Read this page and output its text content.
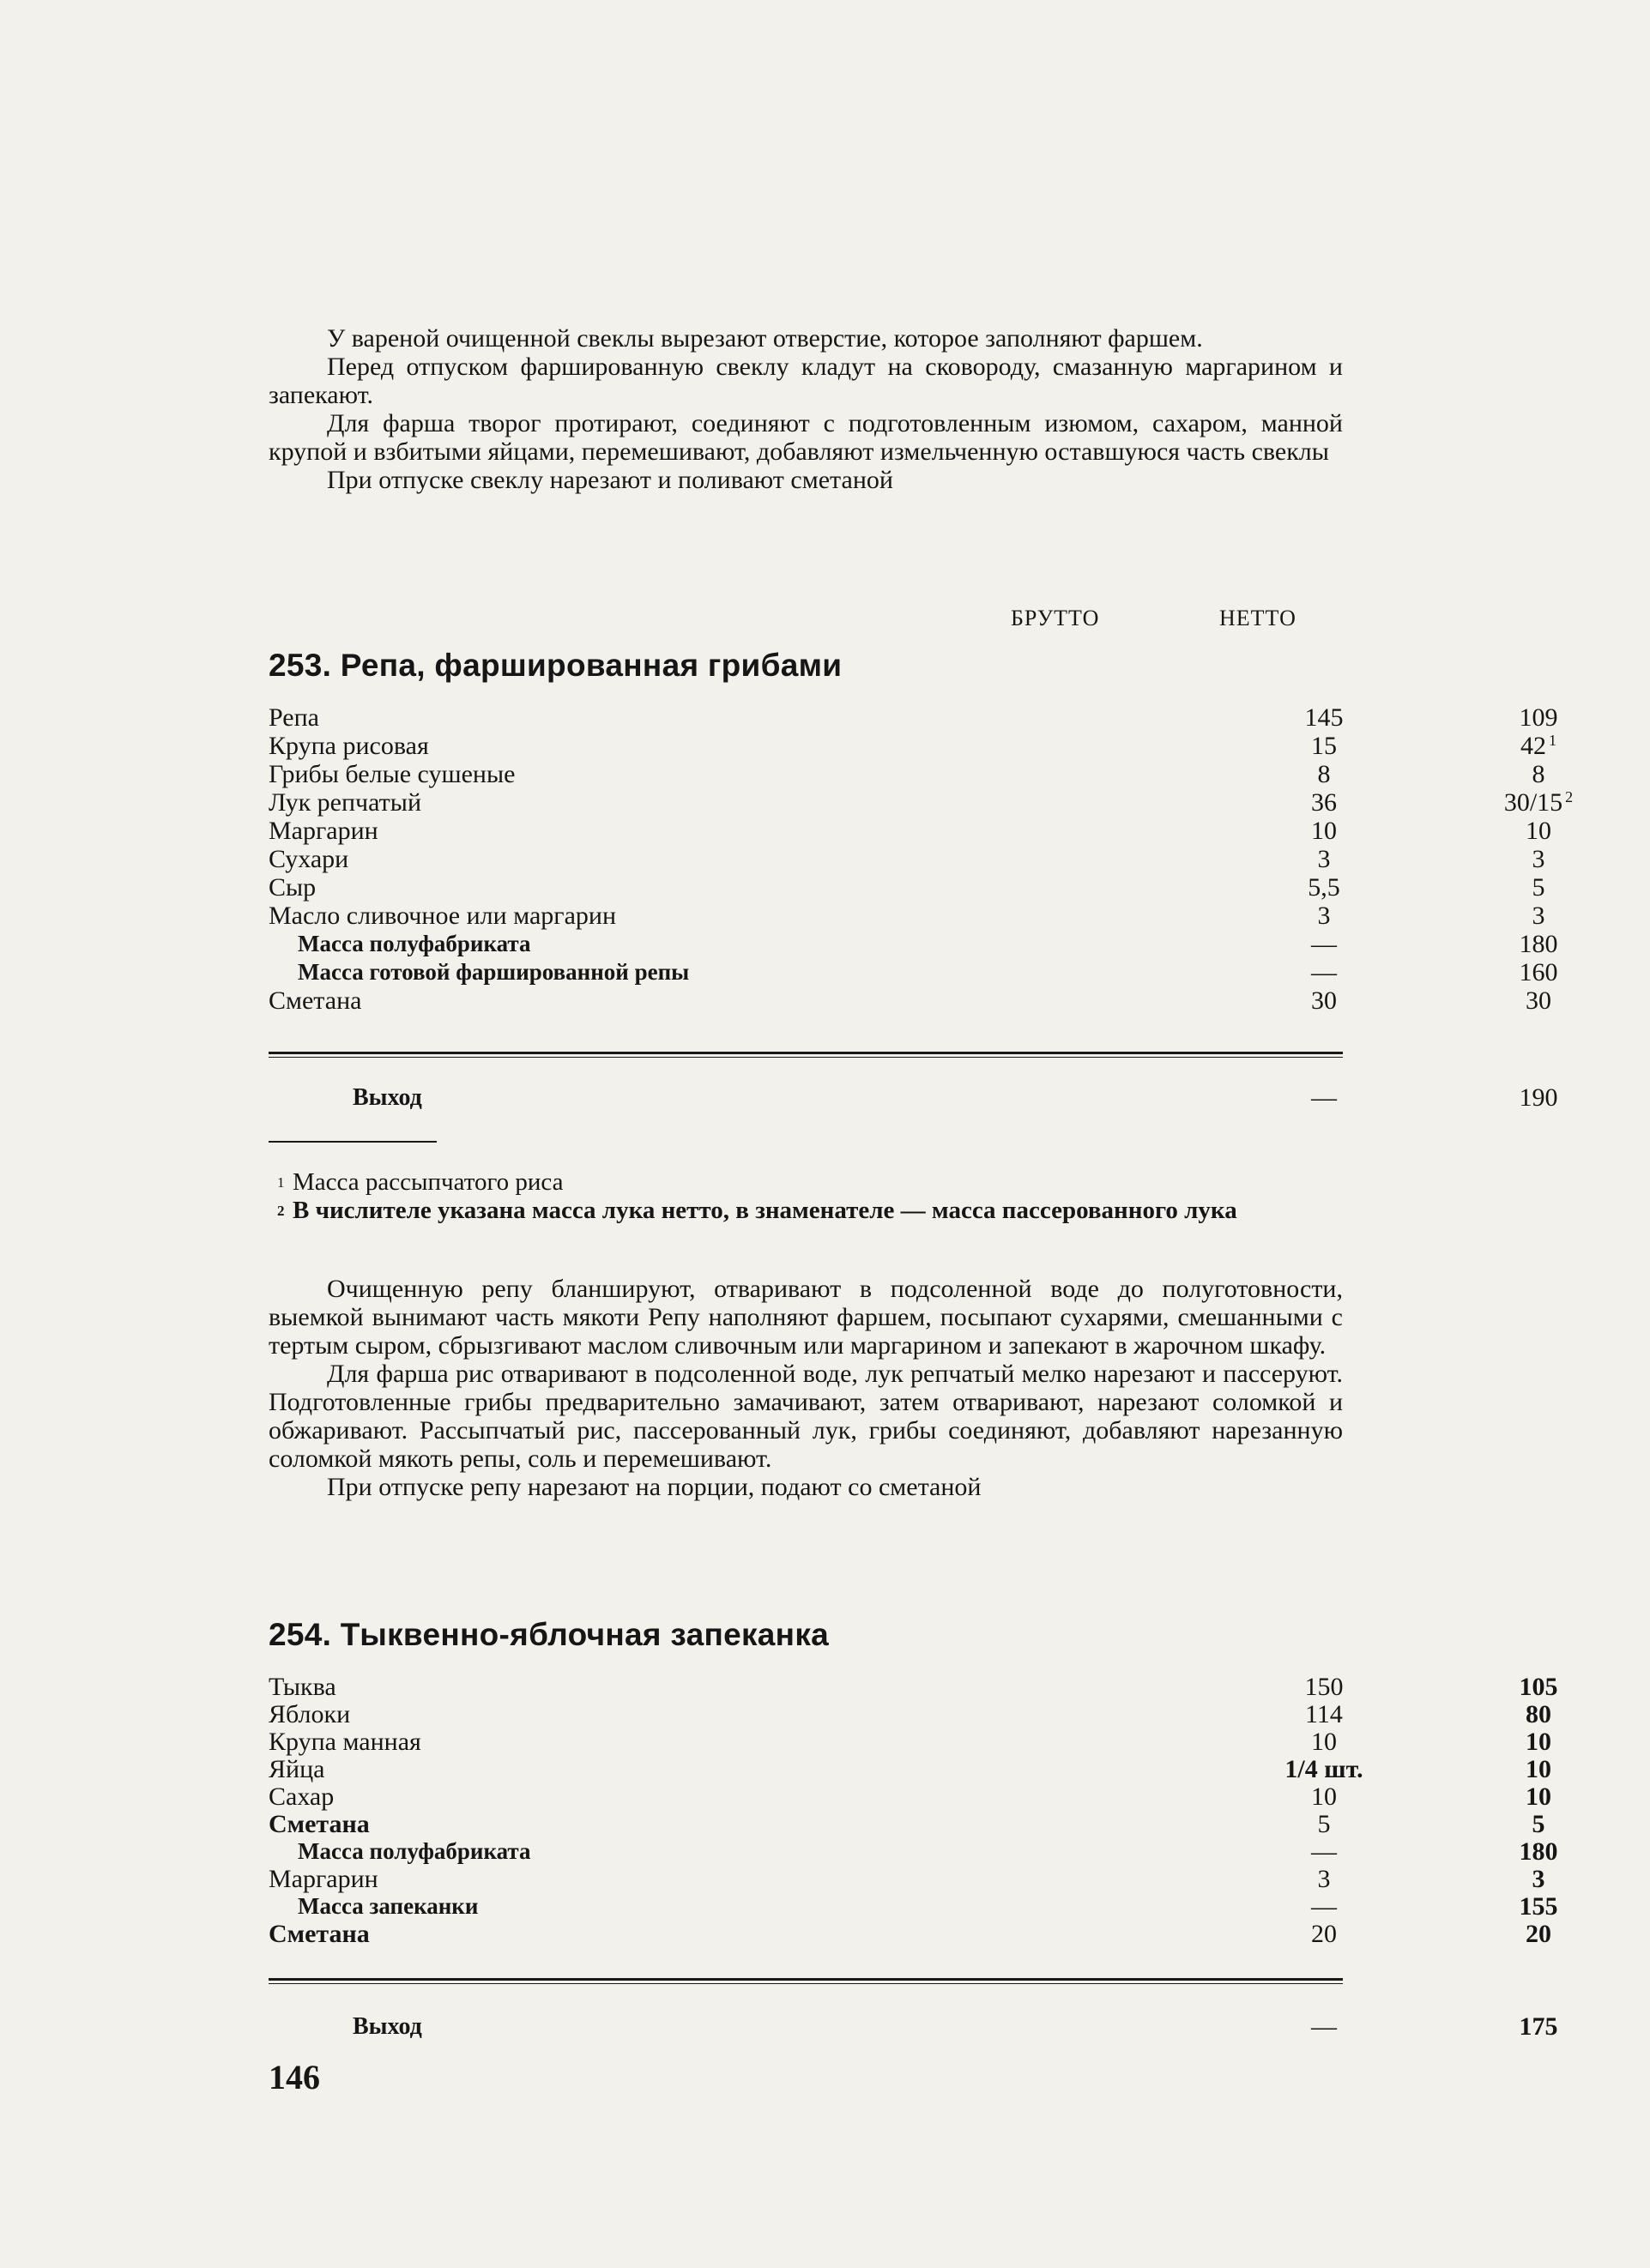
У вареной очищенной свеклы вырезают отверстие, которое заполняют фаршем.

Перед отпуском фаршированную свеклу кладут на сковороду, смазанную маргарином и запекают.

Для фарша творог протирают, соединяют с подготовленным изюмом, сахаром, манной крупой и взбитыми яйцами, перемешивают, добавляют измельченную оставшуюся часть свеклы

При отпуске свеклу нарезают и поливают сметаной

БРУТТО	НЕТТО
253. Репа, фаршированная грибами
Репа	145	109
Крупа рисовая	15	42 $^1$
Грибы белые сушеные	8	8
Лук репчатый	36	30/15 $^2$
Маргарин	10	10
Сухари	3	3
Сыр	5,5	5
Масло сливочное или маргарин	3	3
Масса полуфабриката	—	180
Масса готовой фаршированной репы	—	160
Сметана	30	30
Выход	—	190
1 Масса рассыпчатого риса
2 В числителе указана масса лука нетто, в знаменателе — масса пассерованного лука

Очищенную репу бланшируют, отваривают в подсоленной воде до полуготовности, выемкой вынимают часть мякоти Репу наполняют фаршем, посыпают сухарями, смешанными с тертым сыром, сбрызгивают маслом сливочным или маргарином и запекают в жарочном шкафу.

Для фарша рис отваривают в подсоленной воде, лук репчатый мелко нарезают и пассеруют. Подготовленные грибы предварительно замачивают, затем отваривают, нарезают соломкой и обжаривают. Рассыпчатый рис, пассерованный лук, грибы соединяют, добавляют нарезанную соломкой мякоть репы, соль и перемешивают.

При отпуске репу нарезают на порции, подают со сметаной

254. Тыквенно-яблочная запеканка
Тыква	150	105
Яблоки	114	80
Крупа манная	10	10
Яйца	1/4 шт.	10
Сахар	10	10
Сметана	5	5
Масса полуфабриката	—	180
Маргарин	3	3
Масса запеканки	—	155
Сметана	20	20
Выход	—	175
146
